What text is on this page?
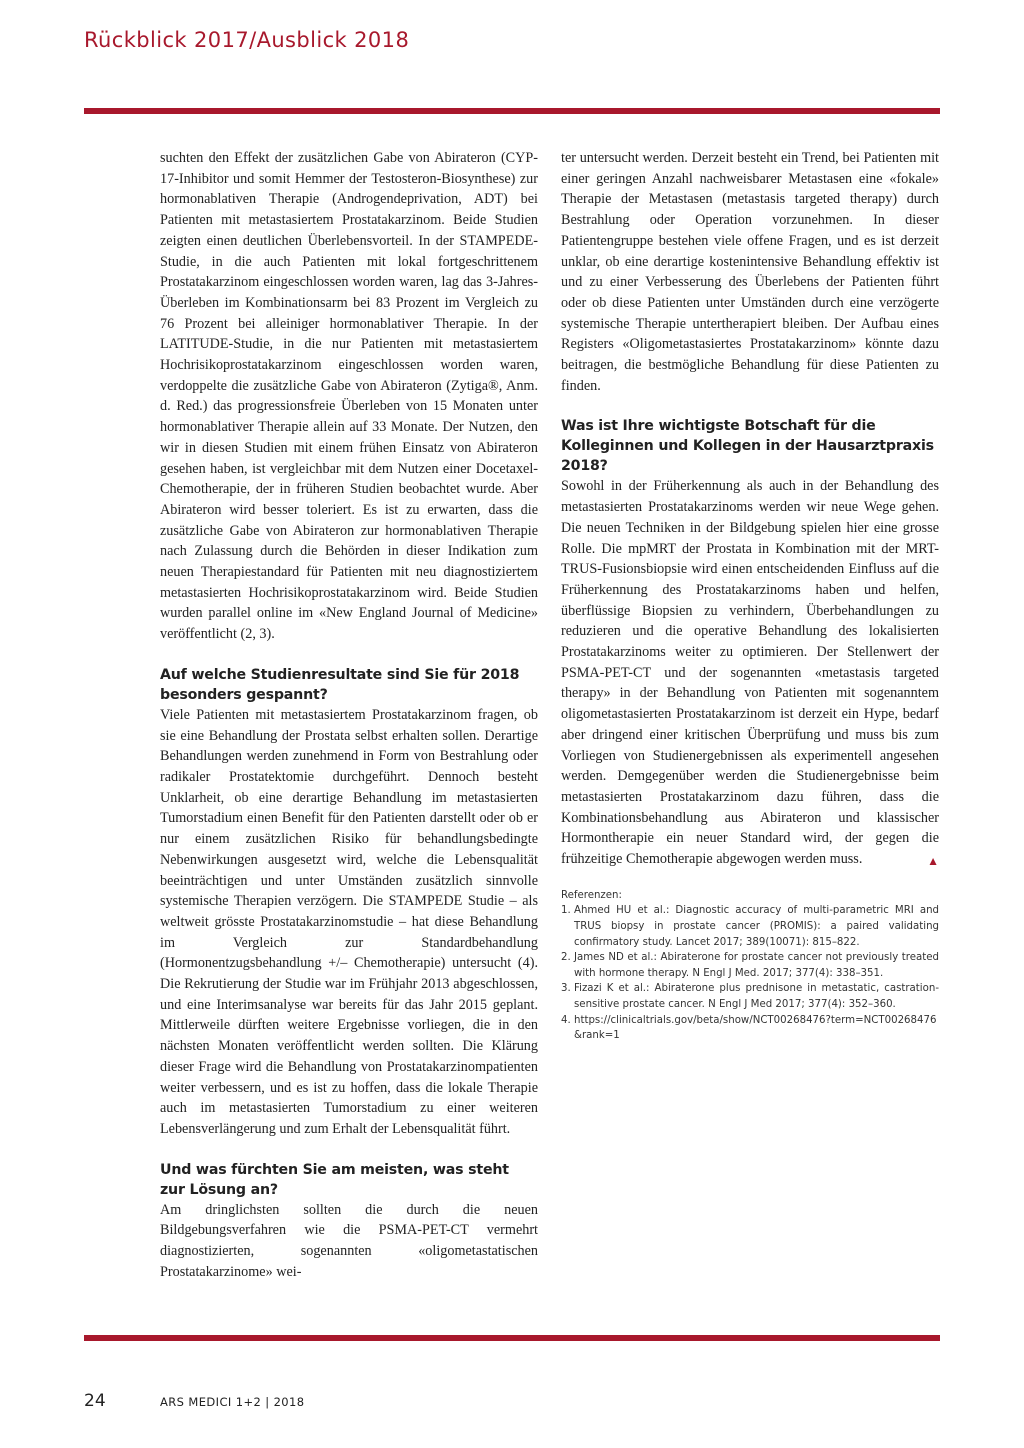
Rückblick 2017/Ausblick 2018

suchten den Effekt der zusätzlichen Gabe von Abirateron (CYP-17-Inhibitor und somit Hemmer der Testosteron-Biosynthese) zur hormonablativen Therapie (Androgendeprivation, ADT) bei Patienten mit metastasiertem Prostatakarzinom. Beide Studien zeigten einen deutlichen Überlebensvorteil. In der STAMPEDE-Studie, in die auch Patienten mit lokal fortgeschrittenem Prostatakarzinom eingeschlossen worden waren, lag das 3-Jahres-Überleben im Kombinationsarm bei 83 Prozent im Vergleich zu 76 Prozent bei alleiniger hormonablativer Therapie. In der LATITUDE-Studie, in die nur Patienten mit metastasiertem Hochrisikoprostatakarzinom eingeschlossen worden waren, verdoppelte die zusätzliche Gabe von Abirateron (Zytiga®, Anm. d. Red.) das progressionsfreie Überleben von 15 Monaten unter hormonablativer Therapie allein auf 33 Monate. Der Nutzen, den wir in diesen Studien mit einem frühen Einsatz von Abirateron gesehen haben, ist vergleichbar mit dem Nutzen einer Docetaxel-Chemotherapie, der in früheren Studien beobachtet wurde. Aber Abirateron wird besser toleriert. Es ist zu erwarten, dass die zusätzliche Gabe von Abirateron zur hormonablativen Therapie nach Zulassung durch die Behörden in dieser Indikation zum neuen Therapiestandard für Patienten mit neu diagnostiziertem metastasierten Hochrisikoprostatakarzinom wird. Beide Studien wurden parallel online im «New England Journal of Medicine» veröffentlicht (2, 3).

Auf welche Studienresultate sind Sie für 2018 besonders gespannt?

Viele Patienten mit metastasiertem Prostatakarzinom fragen, ob sie eine Behandlung der Prostata selbst erhalten sollen. Derartige Behandlungen werden zunehmend in Form von Bestrahlung oder radikaler Prostatektomie durchgeführt. Dennoch besteht Unklarheit, ob eine derartige Behandlung im metastasierten Tumorstadium einen Benefit für den Patienten darstellt oder ob er nur einem zusätzlichen Risiko für behandlungsbedingte Nebenwirkungen ausgesetzt wird, welche die Lebensqualität beeinträchtigen und unter Umständen zusätzlich sinnvolle systemische Therapien verzögern. Die STAMPEDE Studie – als weltweit grösste Prostatakarzinomstudie – hat diese Behandlung im Vergleich zur Standardbehandlung (Hormonentzugsbehandlung +/– Chemotherapie) untersucht (4). Die Rekrutierung der Studie war im Frühjahr 2013 abgeschlossen, und eine Interimsanalyse war bereits für das Jahr 2015 geplant. Mittlerweile dürften weitere Ergebnisse vorliegen, die in den nächsten Monaten veröffentlicht werden sollten. Die Klärung dieser Frage wird die Behandlung von Prostatakarzinompatienten weiter verbessern, und es ist zu hoffen, dass die lokale Therapie auch im metastasierten Tumorstadium zu einer weiteren Lebensverlängerung und zum Erhalt der Lebensqualität führt.

Und was fürchten Sie am meisten, was steht zur Lösung an?

Am dringlichsten sollten die durch die neuen Bildgebungsverfahren wie die PSMA-PET-CT vermehrt diagnostizierten, sogenannten «oligometastatischen Prostatakarzinome» wei-

ter untersucht werden. Derzeit besteht ein Trend, bei Patienten mit einer geringen Anzahl nachweisbarer Metastasen eine «fokale» Therapie der Metastasen (metastasis targeted therapy) durch Bestrahlung oder Operation vorzunehmen. In dieser Patientengruppe bestehen viele offene Fragen, und es ist derzeit unklar, ob eine derartige kostenintensive Behandlung effektiv ist und zu einer Verbesserung des Überlebens der Patienten führt oder ob diese Patienten unter Umständen durch eine verzögerte systemische Therapie untertherapiert bleiben. Der Aufbau eines Registers «Oligometastasiertes Prostatakarzinom» könnte dazu beitragen, die bestmögliche Behandlung für diese Patienten zu finden.

Was ist Ihre wichtigste Botschaft für die Kolleginnen und Kollegen in der Hausarztpraxis 2018?

Sowohl in der Früherkennung als auch in der Behandlung des metastasierten Prostatakarzinoms werden wir neue Wege gehen. Die neuen Techniken in der Bildgebung spielen hier eine grosse Rolle. Die mpMRT der Prostata in Kombination mit der MRT-TRUS-Fusionsbiopsie wird einen entscheidenden Einfluss auf die Früherkennung des Prostatakarzinoms haben und helfen, überflüssige Biopsien zu verhindern, Überbehandlungen zu reduzieren und die operative Behandlung des lokalisierten Prostatakarzinoms weiter zu optimieren. Der Stellenwert der PSMA-PET-CT und der sogenannten «metastasis targeted therapy» in der Behandlung von Patienten mit sogenanntem oligometastasierten Prostatakarzinom ist derzeit ein Hype, bedarf aber dringend einer kritischen Überprüfung und muss bis zum Vorliegen von Studienergebnissen als experimentell angesehen werden. Demgegenüber werden die Studienergebnisse beim metastasierten Prostatakarzinom dazu führen, dass die Kombinationsbehandlung aus Abirateron und klassischer Hormontherapie ein neuer Standard wird, der gegen die frühzeitige Chemotherapie abgewogen werden muss.	▲

Referenzen:

1. Ahmed HU et al.: Diagnostic accuracy of multi-parametric MRI and TRUS biopsy in prostate cancer (PROMIS): a paired validating confirmatory study. Lancet 2017; 389(10071): 815–822.
2. James ND et al.: Abiraterone for prostate cancer not previously treated with hormone therapy. N Engl J Med. 2017; 377(4): 338–351.
3. Fizazi K et al.: Abiraterone plus prednisone in metastatic, castration-sensitive prostate cancer. N Engl J Med 2017; 377(4): 352–360.
4. https://clinicaltrials.gov/beta/show/NCT00268476?term=NCT00268476&rank=1
24	ARS MEDICI 1+2 | 2018
